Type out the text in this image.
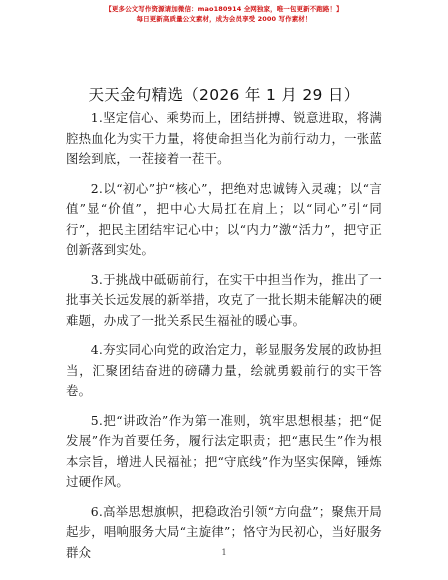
【更多公文写作资源请加微信：mao180914 全网独家，唯一包更新不跑路！】
每日更新高质量公文素材，成为会员享受 2000 写作素材！
天天金句精选（2026 年 1 月 29 日）

1.坚定信心、乘势而上，团结拼搏、锐意进取，将满腔热血化为实干力量，将使命担当化为前行动力，一张蓝图绘到底，一茬接着一茬干。

2.以“初心”护“核心”，把绝对忠诚铸入灵魂；以“言值”显“价值”，把中心大局扛在肩上；以“同心”引“同行”，把民主团结牢记心中；以“内力”激“活力”，把守正创新落到实处。

3.于挑战中砥砺前行，在实干中担当作为，推出了一批事关长远发展的新举措，攻克了一批长期未能解决的硬难题，办成了一批关系民生福祉的暖心事。

4.夯实同心向党的政治定力，彰显服务发展的政协担当，汇聚团结奋进的磅礴力量，绘就勇毅前行的实干答卷。

5.把“讲政治”作为第一准则，筑牢思想根基；把“促发展”作为首要任务，履行法定职责；把“惠民生”作为根本宗旨，增进人民福祉；把“守底线”作为坚实保障，锤炼过硬作风。

6.高举思想旗帜，把稳政治引领“方向盘”；聚焦开局起步，唱响服务大局“主旋律”；恪守为民初心，当好服务群众	1
